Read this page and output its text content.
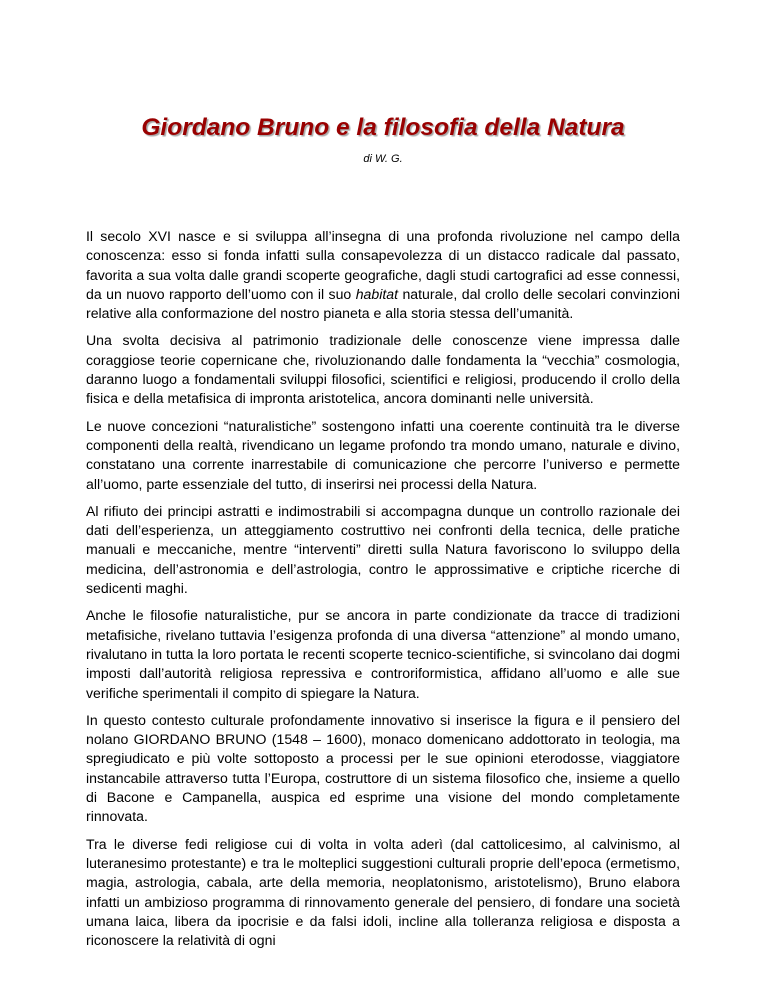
Giordano Bruno e la filosofia della Natura

di W. G.

Il secolo XVI nasce e si sviluppa all’insegna di una profonda rivoluzione nel campo della conoscenza: esso si fonda infatti sulla consapevolezza di un distacco radicale dal passato, favorita a sua volta dalle grandi scoperte geografiche, dagli studi cartografici ad esse connessi, da un nuovo rapporto dell’uomo con il suo habitat naturale, dal crollo delle secolari convinzioni relative alla conformazione del nostro pianeta e alla storia stessa dell’umanità.

Una svolta decisiva al patrimonio tradizionale delle conoscenze viene impressa dalle coraggiose teorie copernicane che, rivoluzionando dalle fondamenta la “vecchia” cosmologia, daranno luogo a fondamentali sviluppi filosofici, scientifici e religiosi, producendo il crollo della fisica e della metafisica di impronta aristotelica, ancora dominanti nelle università.

Le nuove concezioni “naturalistiche” sostengono infatti una coerente continuità tra le diverse componenti della realtà, rivendicano un legame profondo tra mondo umano, naturale e divino, constatano una corrente inarrestabile di comunicazione che percorre l’universo e permette all’uomo, parte essenziale del tutto, di inserirsi nei processi della Natura.

Al rifiuto dei principi astratti e indimostrabili si accompagna dunque un controllo razionale dei dati dell’esperienza, un atteggiamento costruttivo nei confronti della tecnica, delle pratiche manuali e meccaniche, mentre “interventi” diretti sulla Natura favoriscono lo sviluppo della medicina, dell’astronomia e dell’astrologia, contro le approssimative e criptiche ricerche di sedicenti maghi.

Anche le filosofie naturalistiche, pur se ancora in parte condizionate da tracce di tradizioni metafisiche, rivelano tuttavia l’esigenza profonda di una diversa “attenzione” al mondo umano, rivalutano in tutta la loro portata le recenti scoperte tecnico-scientifiche, si svincolano dai dogmi imposti dall’autorità religiosa repressiva e controriformistica, affidano all’uomo e alle sue verifiche sperimentali il compito di spiegare la Natura.

In questo contesto culturale profondamente innovativo si inserisce la figura e il pensiero del nolano GIORDANO BRUNO (1548 – 1600), monaco domenicano addottorato in teologia, ma spregiudicato e più volte sottoposto a processi per le sue opinioni eterodosse, viaggiatore instancabile attraverso tutta l’Europa, costruttore di un sistema filosofico che, insieme a quello di Bacone e Campanella, auspica ed esprime una visione del mondo completamente rinnovata.

Tra le diverse fedi religiose cui di volta in volta aderì (dal cattolicesimo, al calvinismo, al luteranesimo protestante) e tra le molteplici suggestioni culturali proprie dell’epoca (ermetismo, magia, astrologia, cabala, arte della memoria, neoplatonismo, aristotelismo), Bruno elabora infatti un ambizioso programma di rinnovamento generale del pensiero, di fondare una società umana laica, libera da ipocrisie e da falsi idoli, incline alla tolleranza religiosa e disposta a riconoscere la relatività di ogni
